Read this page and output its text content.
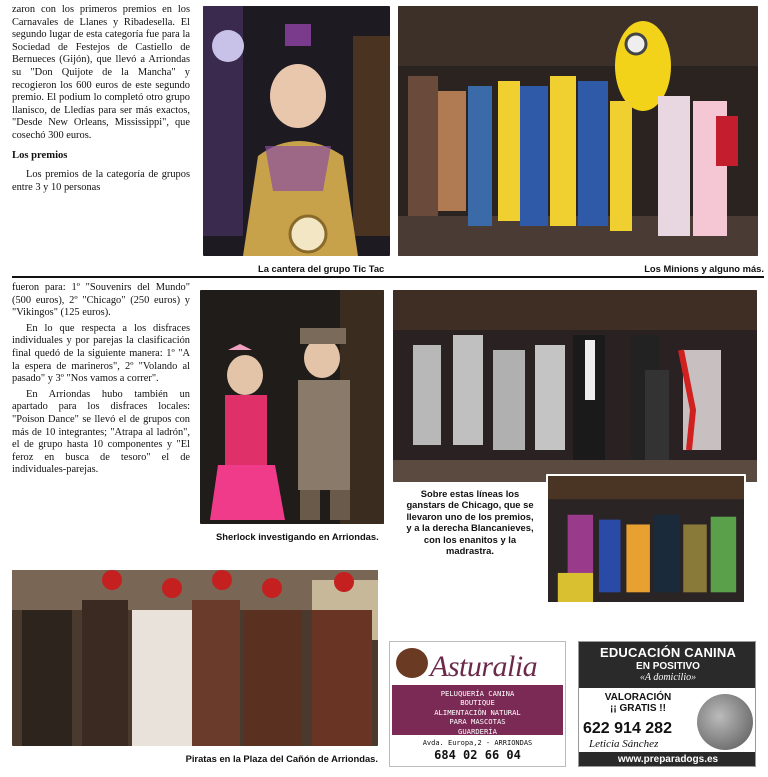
zaron con los primeros premios en los Carnavales de Llanes y Ribadesella. El segundo lugar de esta categoría fue para la Sociedad de Festejos de Castiello de Bernueces (Gijón), que llevó a Arriondas su "Don Quijote de la Mancha" y recogieron los 600 euros de este segundo premio. El podium lo completó otro grupo llanisco, de Lledías para ser más exactos, "Desde New Orleans, Mississippi", que cosechó 300 euros.

Los premios

Los premios de la categoría de grupos entre 3 y 10 personas

La cantera del grupo Tic Tac	Los Minions y alguno más.

fueron para: 1º "Souvenirs del Mundo" (500 euros), 2º "Chicago" (250 euros) y "Vikingos" (125 euros).

En lo que respecta a los disfraces individuales y por parejas la clasificación final quedó de la siguiente manera: 1º "A la espera de marineros", 2º "Volando al pasado" y 3º "Nos vamos a correr".

En Arriondas hubo también un apartado para los disfraces locales: "Poison Dance" se llevó el de grupos con más de 10 integrantes; "Atrapa al ladrón", el de grupo hasta 10 componentes y "El feroz en busca de tesoro" el de individuales-parejas.

Sobre estas líneas los
ganstars de Chicago, que se
llevaron uno de los premios,
y a la derecha Blancanieves,
con los enanitos y la
madrastra.
Sherlock investigando en Arriondas.
Piratas en la Plaza del Cañón de Arriondas.
Asturalia
PELUQUERÍA CANINA
BOUTIQUE
ALIMENTACIÓN NATURAL
PARA MASCOTAS
GUARDERÍA
Avda. Europa,2 - ARRIONDAS
684 02 66 04
EDUCACIÓN CANINA
EN POSITIVO
«A domicilio»
VALORACIÓN
¡¡ GRATIS !!
622 914 282
Leticia Sánchez
www.preparadogs.es
